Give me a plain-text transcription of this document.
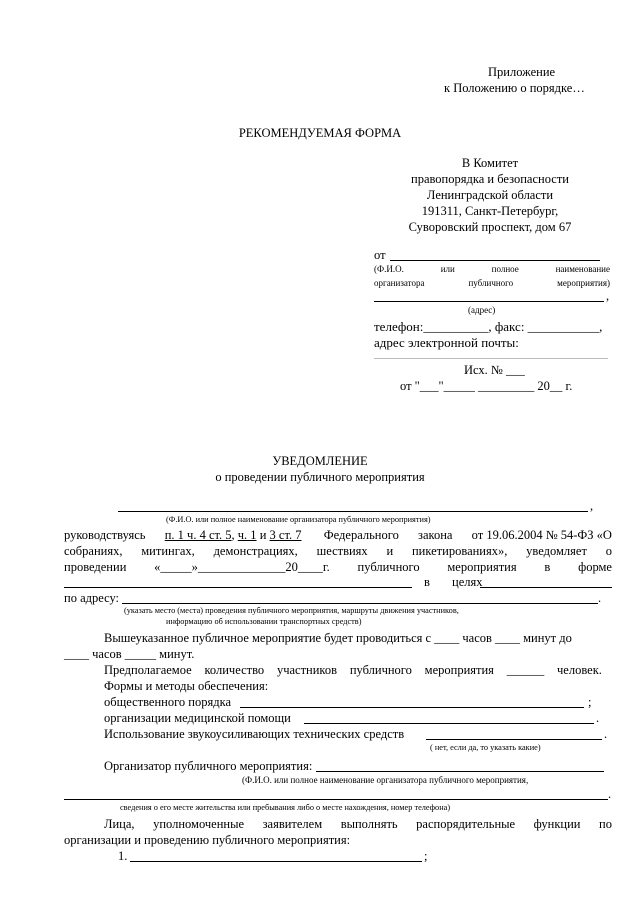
Приложение
к Положению о порядке…
РЕКОМЕНДУЕМАЯ ФОРМА
В Комитет
правопорядка и безопасности
Ленинградской области
191311, Санкт-Петербург,
Суворовский проспект, дом 67
от
(Ф.И.О.	или	полное	наименование
организатора	публичного	мероприятия)
,
(адрес)
телефон:__________, факс: ___________,
адрес электронной почты:
Исх. № ___
от "___"_____ _________ 20__ г.
УВЕДОМЛЕНИЕ
о проведении публичного мероприятия
,
(Ф.И.О. или полное наименование организатора публичного мероприятия)
руководствуясь п. 1 ч. 4 ст. 5, ч. 1 и 3 ст. 7 Федерального закона от 19.06.2004 № 54-ФЗ «О
собраниях, митингах, демонстрациях, шествиях и пикетированиях», уведомляет о
проведении «_____»______________20____г. публичного мероприятия в форме
в целях
по адресу:	.
(указать место (места) проведения публичного мероприятия, маршруты движения участников,
информацию об использовании транспортных средств)
Вышеуказанное публичное мероприятие будет проводиться с ____ часов ____ минут до
____ часов _____ минут.
Предполагаемое количество участников публичного мероприятия ______ человек.
Формы и методы обеспечения:
общественного порядка	;
организации медицинской помощи	.
Использование звукоусиливающих технических средств	.
( нет, если да, то указать какие)
Организатор публичного мероприятия:
(Ф.И.О. или полное наименование организатора публичного мероприятия,
.
сведения о его месте жительства или пребывания либо о месте нахождения, номер телефона)
Лица, уполномоченные заявителем выполнять распорядительные функции по
организации и проведению публичного мероприятия:
1.	;
